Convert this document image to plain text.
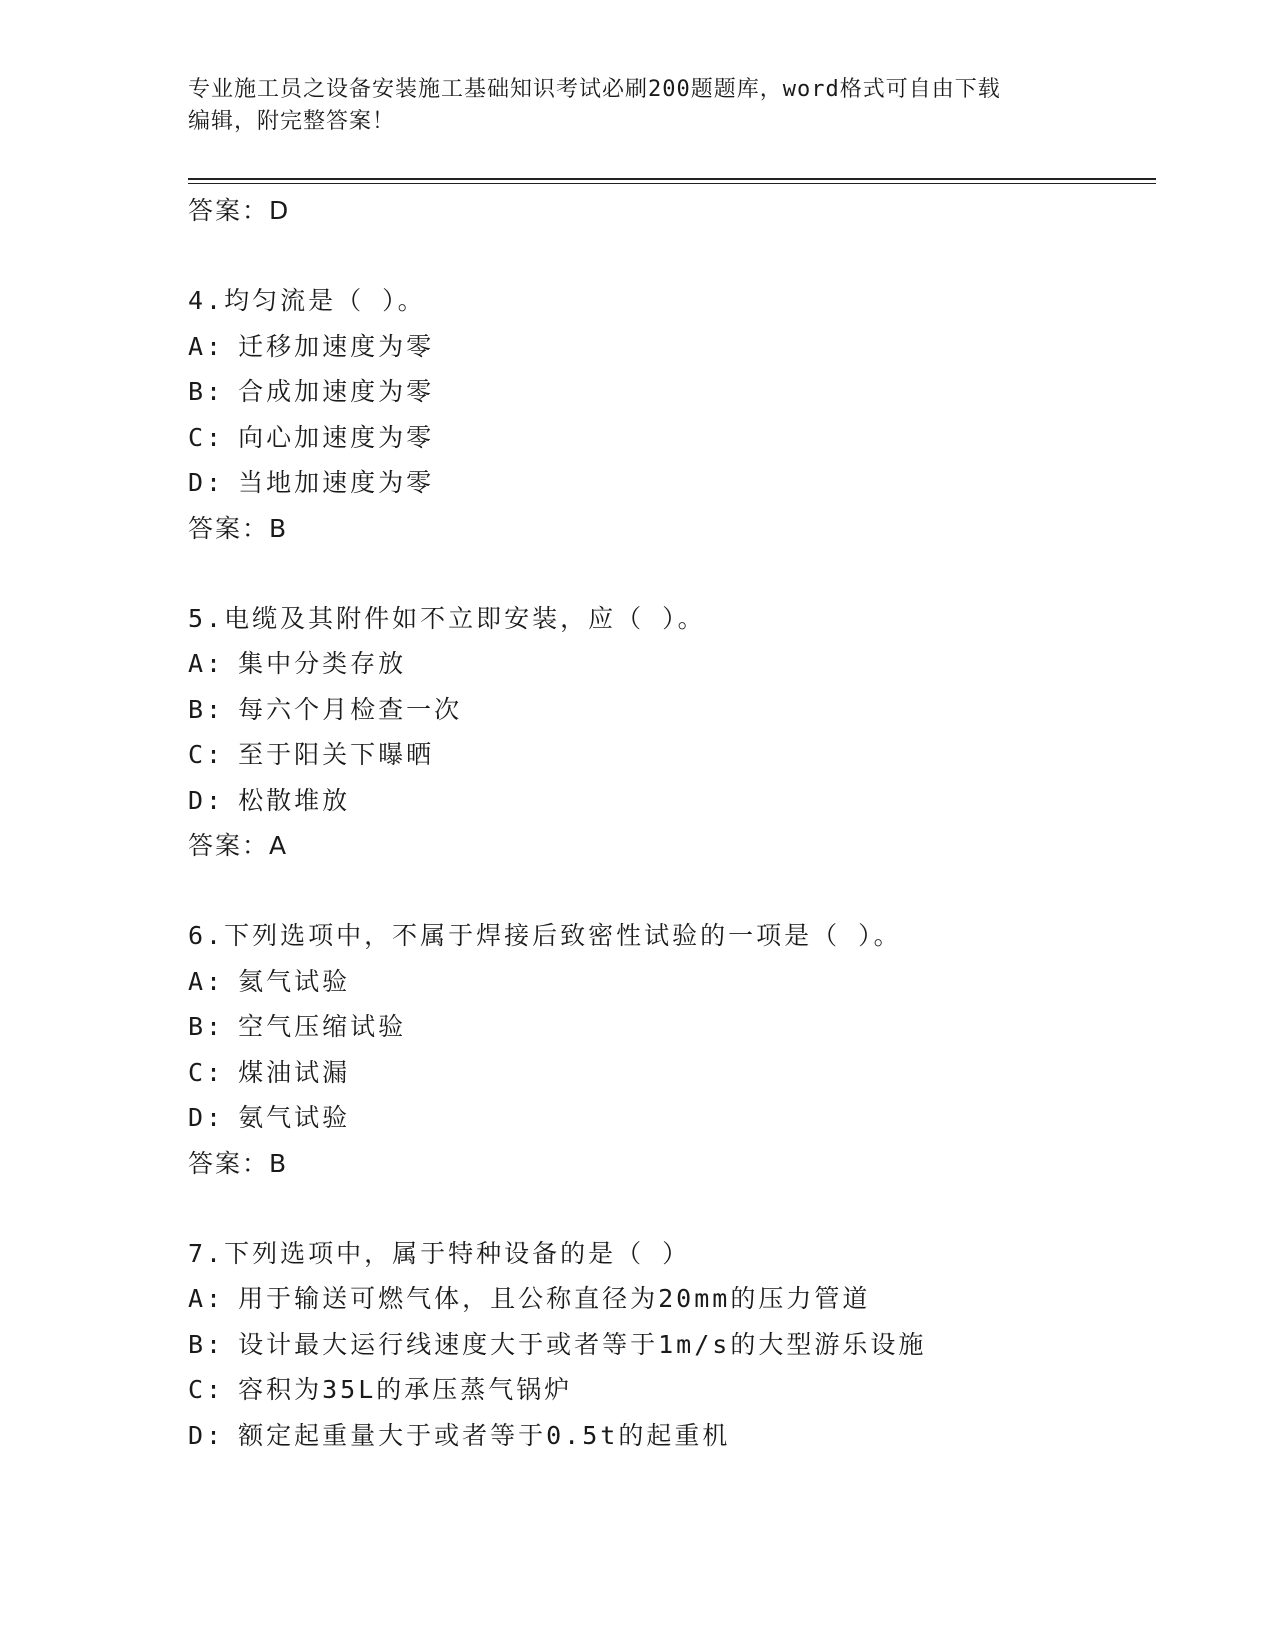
专业施工员之设备安装施工基础知识考试必刷200题题库，word格式可自由下载
编辑，附完整答案！
答案：D
4.均匀流是（ ）。
A: 迁移加速度为零
B: 合成加速度为零
C: 向心加速度为零
D: 当地加速度为零
答案：B
5.电缆及其附件如不立即安装，应（ ）。
A: 集中分类存放
B: 每六个月检查一次
C: 至于阳关下曝晒
D: 松散堆放
答案：A
6.下列选项中，不属于焊接后致密性试验的一项是（ ）。
A: 氦气试验
B: 空气压缩试验
C: 煤油试漏
D: 氨气试验
答案：B
7.下列选项中，属于特种设备的是（ ）
A: 用于输送可燃气体，且公称直径为20mm的压力管道
B: 设计最大运行线速度大于或者等于1m/s的大型游乐设施
C: 容积为35L的承压蒸气锅炉
D: 额定起重量大于或者等于0.5t的起重机
